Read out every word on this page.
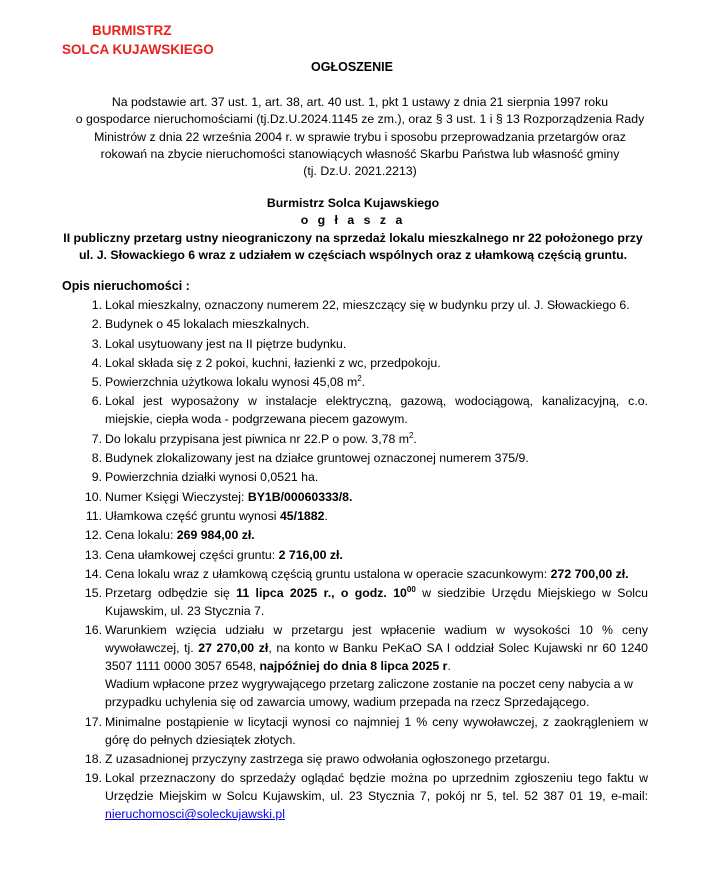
BURMISTRZ
SOLCA KUJAWSKIEGO
OGŁOSZENIE
Na podstawie art. 37 ust. 1, art. 38, art. 40 ust. 1, pkt 1 ustawy z dnia 21 sierpnia 1997 roku
o gospodarce nieruchomościami (tj.Dz.U.2024.1145 ze zm.), oraz § 3 ust. 1 i § 13 Rozporządzenia Rady
Ministrów z dnia 22 września 2004 r. w sprawie trybu i sposobu przeprowadzania przetargów oraz
rokowań na zbycie nieruchomości stanowiących własność Skarbu Państwa lub własność gminy
(tj. Dz.U. 2021.2213)
Burmistrz Solca Kujawskiego
o g ł a s z a
II publiczny przetarg ustny nieograniczony na sprzedaż lokalu mieszkalnego nr 22 położonego przy
ul. J. Słowackiego 6 wraz z udziałem w częściach wspólnych oraz z ułamkową częścią gruntu.
Opis nieruchomości :
1. Lokal mieszkalny, oznaczony numerem 22, mieszczący się w budynku przy ul. J. Słowackiego 6.
2. Budynek o 45 lokalach mieszkalnych.
3. Lokal usytuowany jest na II piętrze budynku.
4. Lokal składa się z 2 pokoi, kuchni, łazienki z wc, przedpokoju.
5. Powierzchnia użytkowa lokalu wynosi 45,08 $m^2$.
6. Lokal jest wyposażony w instalacje elektryczną, gazową, wodociągową, kanalizacyjną, c.o. miejskie, ciepła woda - podgrzewana piecem gazowym.
7. Do lokalu przypisana jest piwnica nr 22.P o pow. 3,78 $m^2$.
8. Budynek zlokalizowany jest na działce gruntowej oznaczonej numerem 375/9.
9. Powierzchnia działki wynosi 0,0521 ha.
10. Numer Księgi Wieczystej: BY1B/00060333/8.
11. Ułamkowa część gruntu wynosi 45/1882.
12. Cena lokalu: 269 984,00 zł.
13. Cena ułamkowej części gruntu: 2 716,00 zł.
14. Cena lokalu wraz z ułamkową częścią gruntu ustalona w operacie szacunkowym: 272 700,00 zł.
15. Przetarg odbędzie się 11 lipca 2025 r., o godz. $10^{00}$ w siedzibie Urzędu Miejskiego w Solcu Kujawskim, ul. 23 Stycznia 7.
16. Warunkiem wzięcia udziału w przetargu jest wpłacenie wadium w wysokości 10 % ceny wywoławczej, tj. 27 270,00 zł, na konto w Banku PeKaO SA I oddział Solec Kujawski nr 60 1240 3507 1111 0000 3057 6548, najpóźniej do dnia 8 lipca 2025 r.
Wadium wpłacone przez wygrywającego przetarg zaliczone zostanie na poczet ceny nabycia a w przypadku uchylenia się od zawarcia umowy, wadium przepada na rzecz Sprzedającego.
17. Minimalne postąpienie w licytacji wynosi co najmniej 1 % ceny wywoławczej, z zaokrągleniem w górę do pełnych dziesiątek złotych.
18. Z uzasadnionej przyczyny zastrzega się prawo odwołania ogłoszonego przetargu.
19. Lokal przeznaczony do sprzedaży oglądać będzie można po uprzednim zgłoszeniu tego faktu w Urzędzie Miejskim w Solcu Kujawskim, ul. 23 Stycznia 7, pokój nr 5, tel. 52 387 01 19, e-mail: nieruchomosci@soleckujawski.pl
